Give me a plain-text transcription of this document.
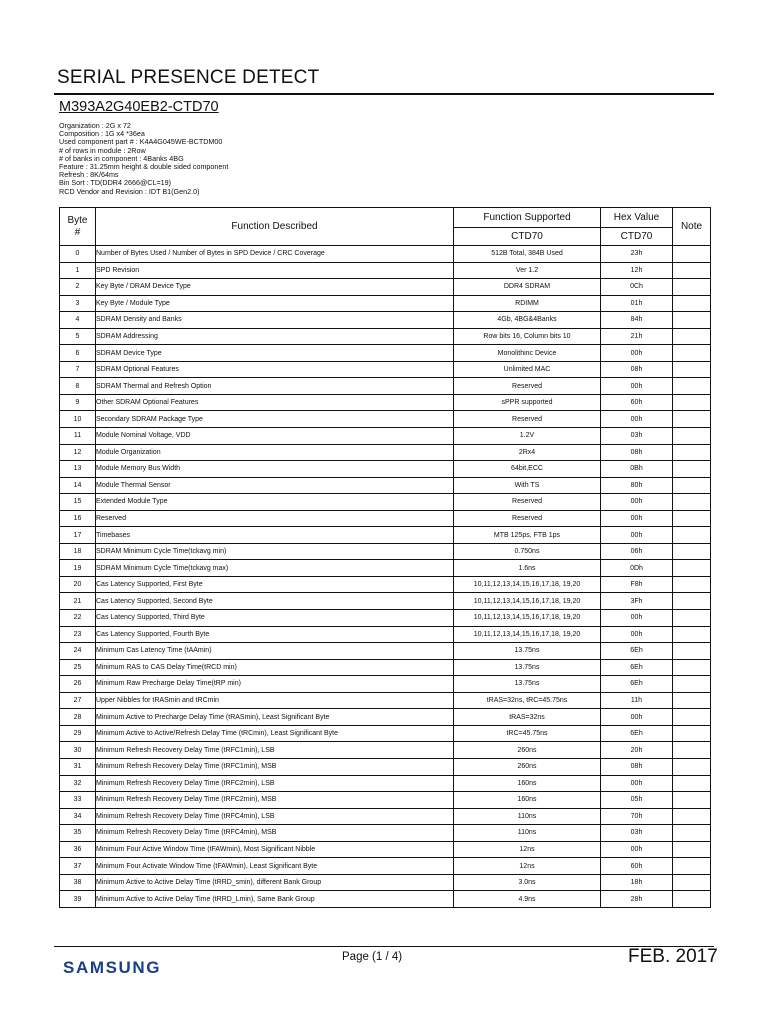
SERIAL PRESENCE DETECT
M393A2G40EB2-CTD70
Organization : 2G x 72
Composition : 1G x4 *36ea
Used component part # : K4A4G045WE-BCTDM00
# of rows in module : 2Row
# of banks in component : 4Banks 4BG
Feature : 31.25mm height & double sided component
Refresh : 8K/64ms
Bin Sort : TD(DDR4 2666@CL=19)
RCD Vendor and Revision : IDT B1(Gen2.0)
Byte
#	Function Described	Function Supported	Hex Value	Note
		CTD70	CTD70	
0	Number of Bytes Used / Number of Bytes in SPD Device / CRC Coverage	512B Total, 384B Used	23h	
1	SPD Revision	Ver 1.2	12h	
2	Key Byte / DRAM Device Type	DDR4 SDRAM	0Ch	
3	Key Byte / Module Type	RDIMM	01h	
4	SDRAM Density and Banks	4Gb, 4BG&4Banks	84h	
5	SDRAM Addressing	Row bits 16, Column bits 10	21h	
6	SDRAM Device Type	Monolithinc Device	00h	
7	SDRAM Optional Features	Unlimited MAC	08h	
8	SDRAM Thermal and Refresh Option	Reserved	00h	
9	Other SDRAM Optional Features	sPPR supported	60h	
10	Secondary SDRAM Package Type	Reserved	00h	
11	Module Nominal Voltage, VDD	1.2V	03h	
12	Module Organization	2Rx4	08h	
13	Module Memory Bus Width	64bit,ECC	0Bh	
14	Module Thermal Sensor	With TS	80h	
15	Extended Module Type	Reserved	00h	
16	Reserved	Reserved	00h	
17	Timebases	MTB 125ps, FTB 1ps	00h	
18	SDRAM Minimum Cycle Time(tckavg min)	0.750ns	06h	
19	SDRAM Minimum Cycle Time(tckavg max)	1.6ns	0Dh	
20	Cas Latency Supported, First Byte	10,11,12,13,14,15,16,17,18, 19,20	F8h	
21	Cas Latency Supported, Second Byte	10,11,12,13,14,15,16,17,18, 19,20	3Fh	
22	Cas Latency Supported, Third Byte	10,11,12,13,14,15,16,17,18, 19,20	00h	
23	Cas Latency Supported, Fourth Byte	10,11,12,13,14,15,16,17,18, 19,20	00h	
24	Minimum Cas Latency Time (tAAmin)	13.75ns	6Eh	
25	Minimum RAS to CAS Delay Time(tRCD min)	13.75ns	6Eh	
26	Minimum Raw Precharge Delay Time(tRP min)	13.75ns	6Eh	
27	Upper Nibbles for tRASmin and tRCmin	tRAS=32ns, tRC=45.75ns	11h	
28	Minimum Active to Precharge Delay Time (tRASmin), Least Significant Byte	tRAS=32ns	00h	
29	Minimum Active to Active/Refresh Delay Time (tRCmin), Least Significant Byte	tRC=45.75ns	6Eh	
30	Minimum Refresh Recovery Delay Time (tRFC1min), LSB	260ns	20h	
31	Minimum Refresh Recovery Delay Time (tRFC1min), MSB	260ns	08h	
32	Minimum Refresh Recovery Delay Time (tRFC2min), LSB	160ns	00h	
33	Minimum Refresh Recovery Delay Time (tRFC2min), MSB	160ns	05h	
34	Minimum Refresh Recovery Delay Time (tRFC4min), LSB	110ns	70h	
35	Minimum Refresh Recovery Delay Time (tRFC4min), MSB	110ns	03h	
36	Minimum Four Active Window Time (tFAWmin), Most Significant Nibble	12ns	00h	
37	Minimum Four Activate Window Time (tFAWmin), Least Significant Byte	12ns	60h	
38	Minimum Active to Active Delay Time (tRRD_smin), different Bank Group	3.0ns	18h	
39	Minimum Active to Active Delay Time (tRRD_Lmin), Same Bank Group	4.9ns	28h	
SAMSUNG
Page (1 / 4)	FEB. 2017
